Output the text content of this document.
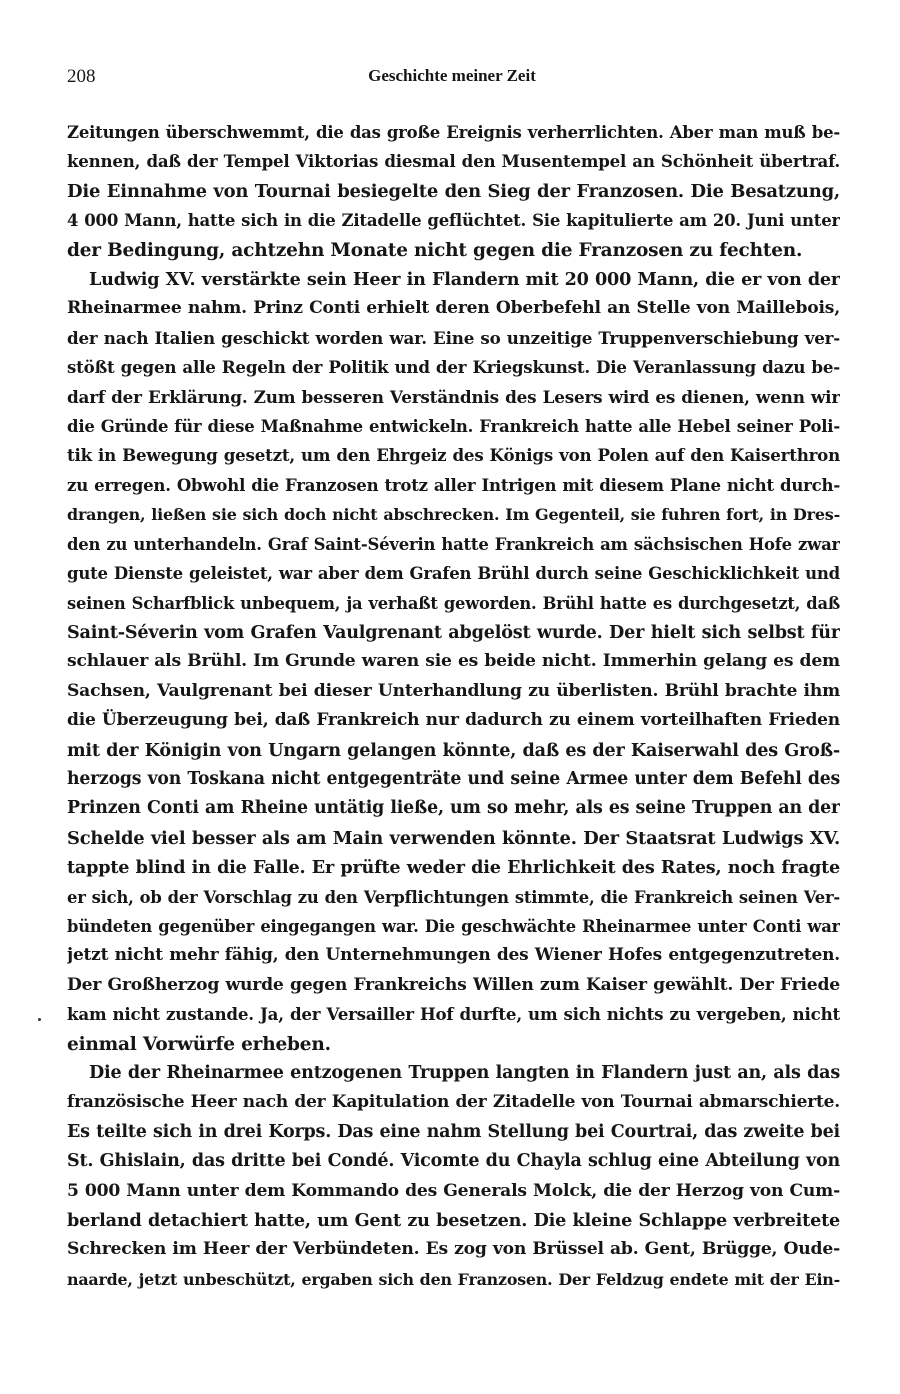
208	Geschichte meiner Zeit

Zeitungen überschwemmt, die das große Ereignis verherrlichten. Aber man muß be-
kennen, daß der Tempel Viktorias diesmal den Musentempel an Schönheit übertraf.
Die Einnahme von Tournai besiegelte den Sieg der Franzosen. Die Besatzung,
4 000 Mann, hatte sich in die Zitadelle geflüchtet. Sie kapitulierte am 20. Juni unter
der Bedingung, achtzehn Monate nicht gegen die Franzosen zu fechten.

Ludwig XV. verstärkte sein Heer in Flandern mit 20 000 Mann, die er von der
Rheinarmee nahm. Prinz Conti erhielt deren Oberbefehl an Stelle von Maillebois,
der nach Italien geschickt worden war. Eine so unzeitige Truppenverschiebung ver-
stößt gegen alle Regeln der Politik und der Kriegskunst. Die Veranlassung dazu be-
darf der Erklärung. Zum besseren Verständnis des Lesers wird es dienen, wenn wir
die Gründe für diese Maßnahme entwickeln. Frankreich hatte alle Hebel seiner Poli-
tik in Bewegung gesetzt, um den Ehrgeiz des Königs von Polen auf den Kaiserthron
zu erregen. Obwohl die Franzosen trotz aller Intrigen mit diesem Plane nicht durch-
drangen, ließen sie sich doch nicht abschrecken. Im Gegenteil, sie fuhren fort, in Dres-
den zu unterhandeln. Graf Saint-Séverin hatte Frankreich am sächsischen Hofe zwar
gute Dienste geleistet, war aber dem Grafen Brühl durch seine Geschicklichkeit und
seinen Scharfblick unbequem, ja verhaßt geworden. Brühl hatte es durchgesetzt, daß
Saint-Séverin vom Grafen Vaulgrenant abgelöst wurde. Der hielt sich selbst für
schlauer als Brühl. Im Grunde waren sie es beide nicht. Immerhin gelang es dem
Sachsen, Vaulgrenant bei dieser Unterhandlung zu überlisten. Brühl brachte ihm
die Überzeugung bei, daß Frankreich nur dadurch zu einem vorteilhaften Frieden
mit der Königin von Ungarn gelangen könnte, daß es der Kaiserwahl des Groß-
herzogs von Toskana nicht entgegenträte und seine Armee unter dem Befehl des
Prinzen Conti am Rheine untätig ließe, um so mehr, als es seine Truppen an der
Schelde viel besser als am Main verwenden könnte. Der Staatsrat Ludwigs XV.
tappte blind in die Falle. Er prüfte weder die Ehrlichkeit des Rates, noch fragte
er sich, ob der Vorschlag zu den Verpflichtungen stimmte, die Frankreich seinen Ver-
bündeten gegenüber eingegangen war. Die geschwächte Rheinarmee unter Conti war
jetzt nicht mehr fähig, den Unternehmungen des Wiener Hofes entgegenzutreten.
Der Großherzog wurde gegen Frankreichs Willen zum Kaiser gewählt. Der Friede
kam nicht zustande. Ja, der Versailler Hof durfte, um sich nichts zu vergeben, nicht
einmal Vorwürfe erheben.

Die der Rheinarmee entzogenen Truppen langten in Flandern just an, als das
französische Heer nach der Kapitulation der Zitadelle von Tournai abmarschierte.
Es teilte sich in drei Korps. Das eine nahm Stellung bei Courtrai, das zweite bei
St. Ghislain, das dritte bei Condé. Vicomte du Chayla schlug eine Abteilung von
5 000 Mann unter dem Kommando des Generals Molck, die der Herzog von Cum-
berland detachiert hatte, um Gent zu besetzen. Die kleine Schlappe verbreitete
Schrecken im Heer der Verbündeten. Es zog von Brüssel ab. Gent, Brügge, Oude-
naarde, jetzt unbeschützt, ergaben sich den Franzosen. Der Feldzug endete mit der Ein-
